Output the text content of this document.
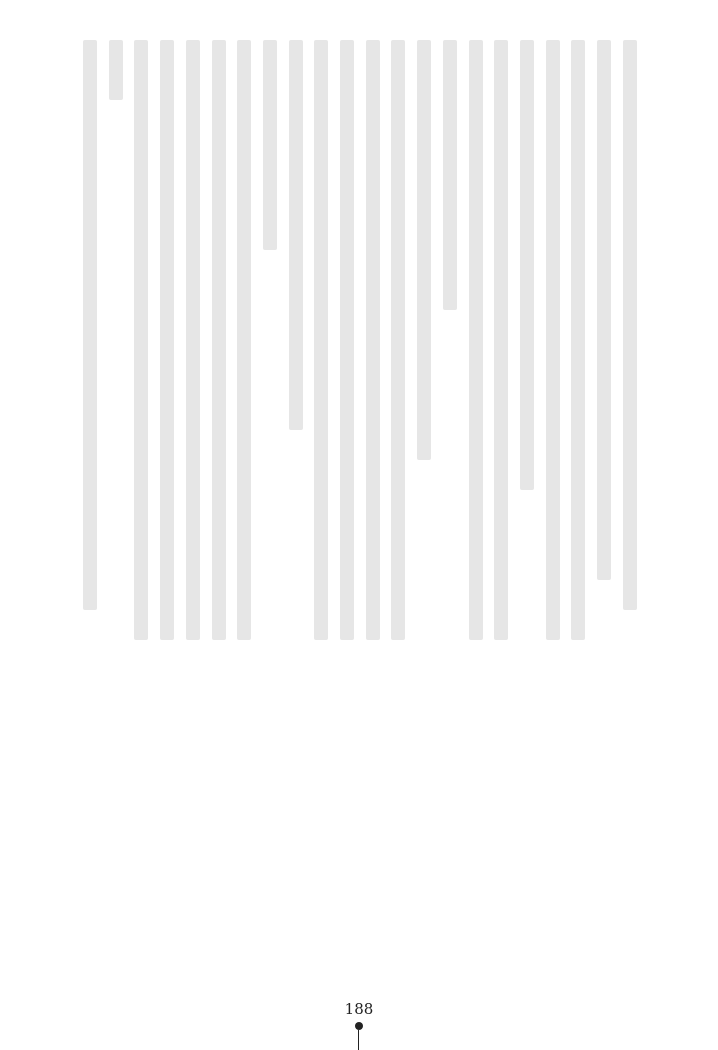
188
